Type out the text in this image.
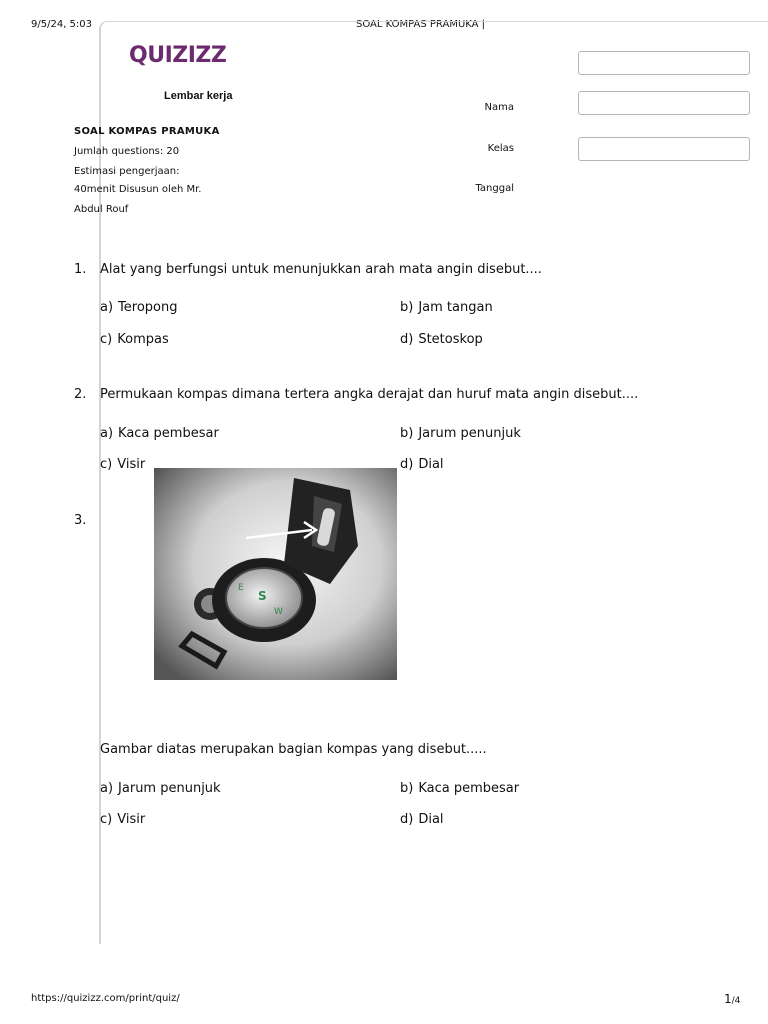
9/5/24, 5:03	SOAL KOMPAS PRAMUKA |
QUIZIZZ
Lembar kerja
SOAL KOMPAS PRAMUKA
Jumlah questions: 20
Estimasi pengerjaan:
40menit Disusun oleh Mr.
Abdul Rouf
Nama
Kelas
Tanggal
1. Alat yang berfungsi untuk menunjukkan arah mata angin disebut....
a) Teropong	b) Jam tangan
c) Kompas	d) Stetoskop
2. Permukaan kompas dimana tertera angka derajat dan huruf mata angin disebut....
a) Kaca pembesar	b) Jarum penunjuk
c) Visir	d) Dial
3.
S
E
W
Gambar diatas merupakan bagian kompas yang disebut.....
a) Jarum penunjuk	b) Kaca pembesar
c) Visir	d) Dial
https://quizizz.com/print/quiz/	1/4
